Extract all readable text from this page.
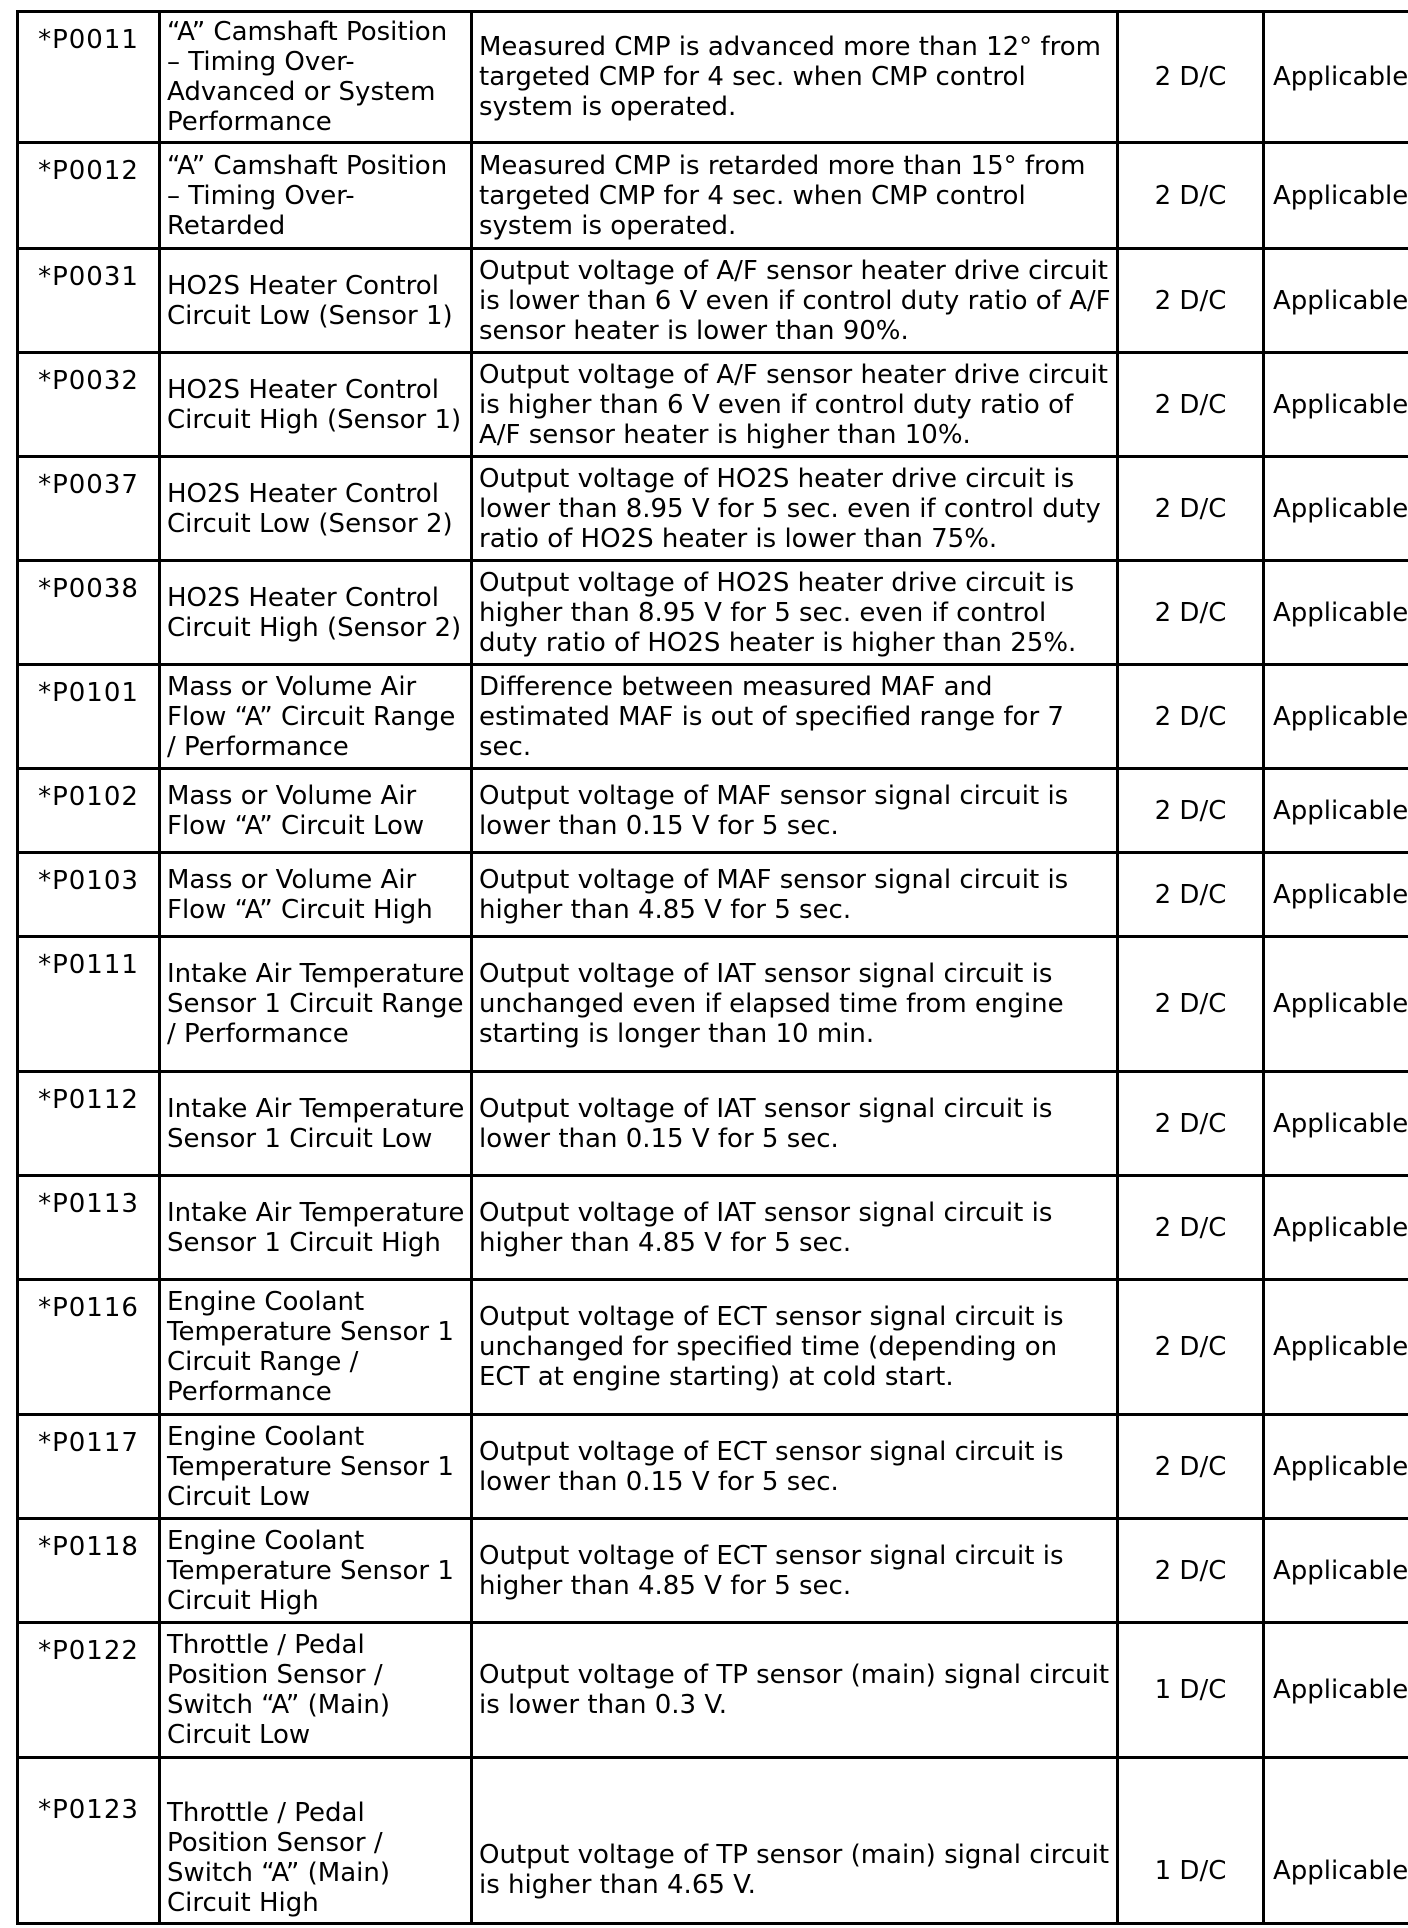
*P0011	“A” Camshaft Position – Timing Over-Advanced or System Performance	Measured CMP is advanced more than 12° from targeted CMP for 4 sec. when CMP control system is operated.	2 D/C	Applicable
*P0012	“A” Camshaft Position – Timing Over-Retarded	Measured CMP is retarded more than 15° from targeted CMP for 4 sec. when CMP control system is operated.	2 D/C	Applicable
*P0031	HO2S Heater Control Circuit Low (Sensor 1)	Output voltage of A/F sensor heater drive circuit is lower than 6 V even if control duty ratio of A/F sensor heater is lower than 90%.	2 D/C	Applicable
*P0032	HO2S Heater Control Circuit High (Sensor 1)	Output voltage of A/F sensor heater drive circuit is higher than 6 V even if control duty ratio of A/F sensor heater is higher than 10%.	2 D/C	Applicable
*P0037	HO2S Heater Control Circuit Low (Sensor 2)	Output voltage of HO2S heater drive circuit is lower than 8.95 V for 5 sec. even if control duty ratio of HO2S heater is lower than 75%.	2 D/C	Applicable
*P0038	HO2S Heater Control Circuit High (Sensor 2)	Output voltage of HO2S heater drive circuit is higher than 8.95 V for 5 sec. even if control duty ratio of HO2S heater is higher than 25%.	2 D/C	Applicable
*P0101	Mass or Volume Air Flow “A” Circuit Range / Performance	Difference between measured MAF and estimated MAF is out of specified range for 7 sec.	2 D/C	Applicable
*P0102	Mass or Volume Air Flow “A” Circuit Low	Output voltage of MAF sensor signal circuit is lower than 0.15 V for 5 sec.	2 D/C	Applicable
*P0103	Mass or Volume Air Flow “A” Circuit High	Output voltage of MAF sensor signal circuit is higher than 4.85 V for 5 sec.	2 D/C	Applicable
*P0111	Intake Air Temperature Sensor 1 Circuit Range / Performance	Output voltage of IAT sensor signal circuit is unchanged even if elapsed time from engine starting is longer than 10 min.	2 D/C	Applicable
*P0112	Intake Air Temperature Sensor 1 Circuit Low	Output voltage of IAT sensor signal circuit is lower than 0.15 V for 5 sec.	2 D/C	Applicable
*P0113	Intake Air Temperature Sensor 1 Circuit High	Output voltage of IAT sensor signal circuit is higher than 4.85 V for 5 sec.	2 D/C	Applicable
*P0116	Engine Coolant Temperature Sensor 1 Circuit Range / Performance	Output voltage of ECT sensor signal circuit is unchanged for specified time (depending on ECT at engine starting) at cold start.	2 D/C	Applicable
*P0117	Engine Coolant Temperature Sensor 1 Circuit Low	Output voltage of ECT sensor signal circuit is lower than 0.15 V for 5 sec.	2 D/C	Applicable
*P0118	Engine Coolant Temperature Sensor 1 Circuit High	Output voltage of ECT sensor signal circuit is higher than 4.85 V for 5 sec.	2 D/C	Applicable
*P0122	Throttle / Pedal Position Sensor / Switch “A” (Main) Circuit Low	Output voltage of TP sensor (main) signal circuit is lower than 0.3 V.	1 D/C	Applicable
*P0123	Throttle / Pedal Position Sensor / Switch “A” (Main) Circuit High	Output voltage of TP sensor (main) signal circuit is higher than 4.65 V.	1 D/C	Applicable
